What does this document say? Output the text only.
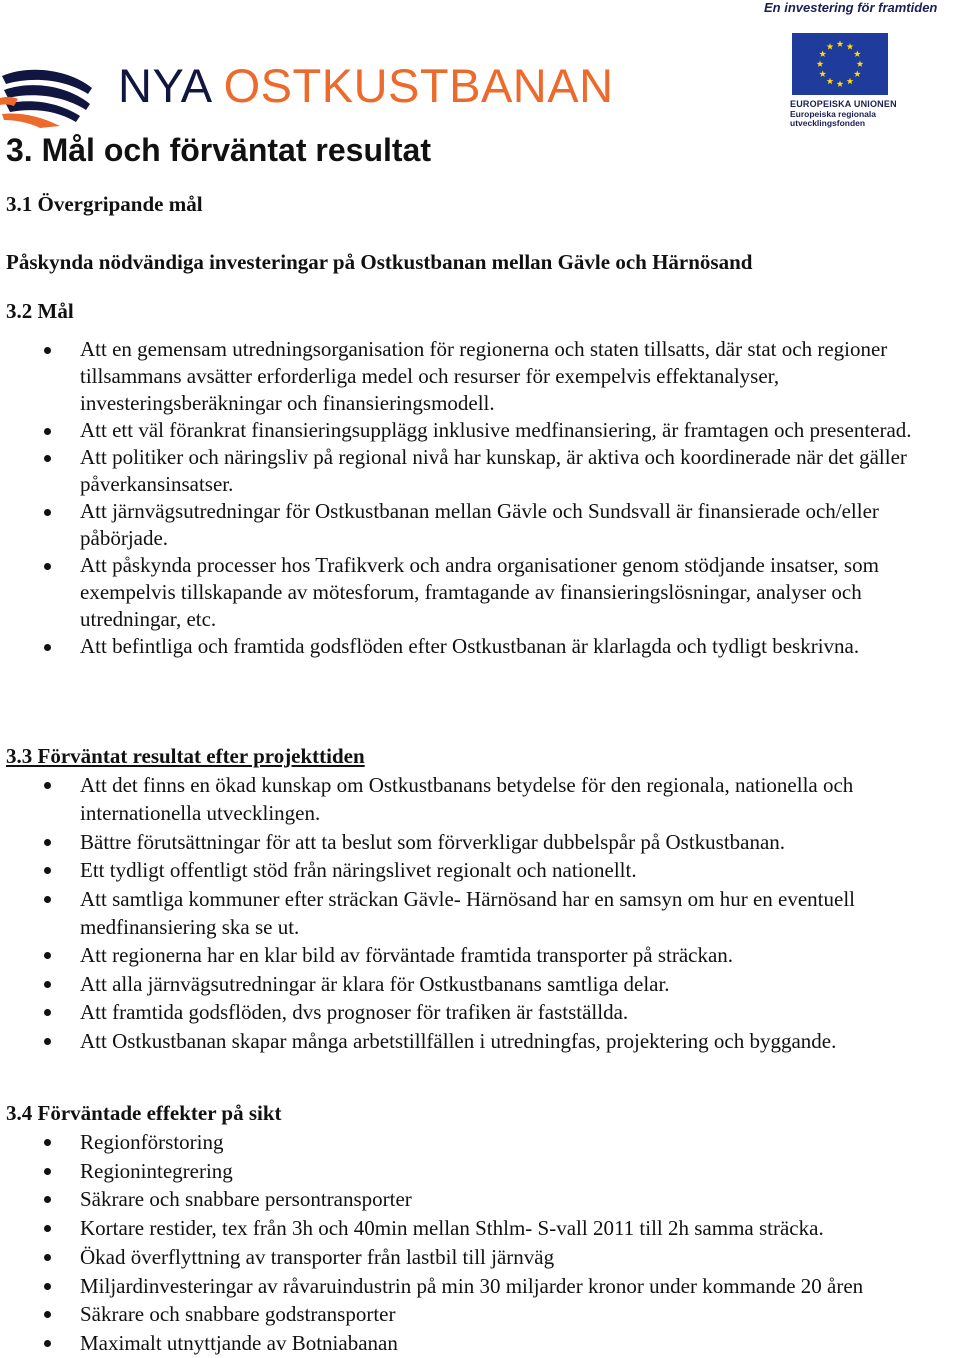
NYA OSTKUSTBANAN
En investering för framtiden
EUROPEISKA UNIONEN
Europeiska regionala
utvecklingsfonden
3. Mål och förväntat resultat
3.1 Övergripande mål
Påskynda nödvändiga investeringar på Ostkustbanan mellan Gävle och Härnösand
3.2 Mål
Att en gemensam utredningsorganisation för regionerna och staten tillsatts, där stat och regioner tillsammans avsätter erforderliga medel och resurser för exempelvis effektanalyser, investeringsberäkningar och finansieringsmodell.
Att ett väl förankrat finansieringsupplägg inklusive medfinansiering, är framtagen och presenterad.
Att politiker och näringsliv på regional nivå har kunskap, är aktiva och koordinerade när det gäller påverkansinsatser.
Att järnvägsutredningar för Ostkustbanan mellan Gävle och Sundsvall är finansierade och/eller påbörjade.
Att påskynda processer hos Trafikverk och andra organisationer genom stödjande insatser, som exempelvis tillskapande av mötesforum, framtagande av finansieringslösningar, analyser och utredningar, etc.
Att befintliga och framtida godsflöden efter Ostkustbanan är klarlagda och tydligt beskrivna.
3.3 Förväntat resultat efter projekttiden
Att det finns en ökad kunskap om Ostkustbanans betydelse för den regionala, nationella och internationella utvecklingen.
Bättre förutsättningar för att ta beslut som förverkligar dubbelspår på Ostkustbanan.
Ett tydligt offentligt stöd från näringslivet regionalt och nationellt.
Att samtliga kommuner efter sträckan Gävle- Härnösand har en samsyn om hur en eventuell medfinansiering ska se ut.
Att regionerna har en klar bild av förväntade framtida transporter på sträckan.
Att alla järnvägsutredningar är klara för Ostkustbanans samtliga delar.
Att framtida godsflöden, dvs prognoser för trafiken är fastställda.
Att Ostkustbanan skapar många arbetstillfällen i utredningfas, projektering och byggande.
3.4 Förväntade effekter på sikt
Regionförstoring
Regionintegrering
Säkrare och snabbare persontransporter
Kortare restider, tex från 3h och 40min mellan Sthlm- S-vall 2011 till 2h samma sträcka.
Ökad överflyttning av transporter från lastbil till järnväg
Miljardinvesteringar av råvaruindustrin på min 30 miljarder kronor under kommande 20 åren
Säkrare och snabbare godstransporter
Maximalt utnyttjande av Botniabanan
